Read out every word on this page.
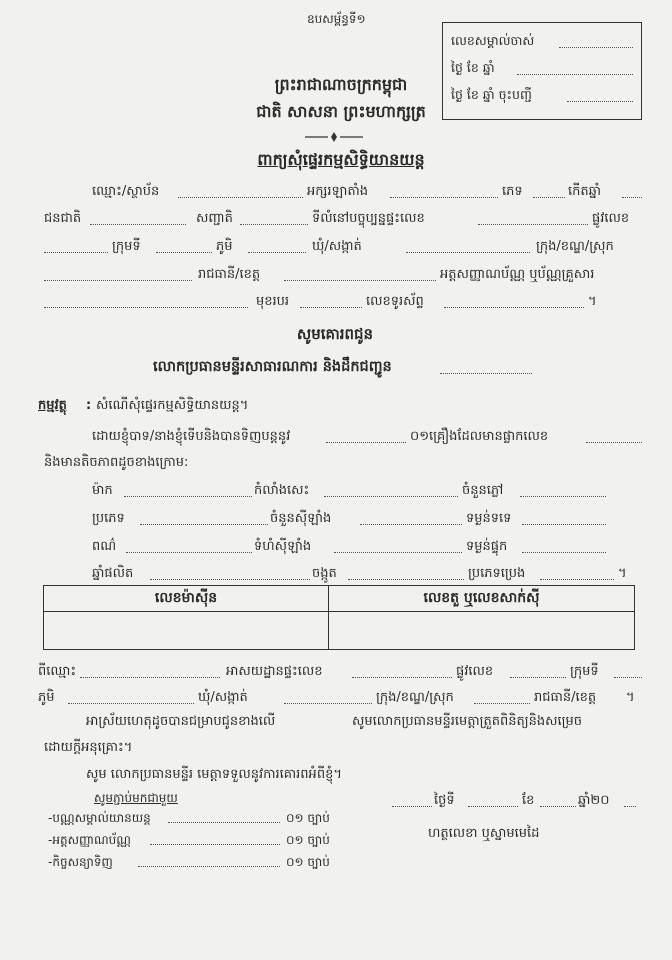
ឧបសម្ព័ន្ធទី១
លេខសម្គាល់ចាស់
ថ្ងៃ ខែ ឆ្នាំ
ថ្ងៃ ខែ ឆ្នាំ ចុះបញ្ជី
ព្រះរាជាណាចក្រកម្ពុជា
ជាតិ សាសនា ព្រះមហាក្សត្រ
ពាក្យសុំផ្ទេរកម្មសិទ្ធិយានយន្ត
ឈ្មោះ/ស្ថាប័ន	អក្សរឡាតាំង	ភេទ	កើតឆ្នាំ
ជនជាតិ	សញ្ជាតិ	ទីលំនៅបច្ចុប្បន្នផ្ទះលេខ	ផ្លូវលេខ
ក្រុមទី	ភូមិ	ឃុំ/សង្កាត់	ក្រុង/ខណ្ឌ/ស្រុក
រាជធានី/ខេត្ត	អត្តសញ្ញាណប័ណ្ណ ឬប័ណ្ណគ្រួសារ
មុខរបរ	លេខទូរស័ព្ទ	។
សូមគោរពជូន
លោកប្រធានមន្ទីរសាធារណការ និងដឹកជញ្ជូន
កម្មវត្ថុ : សំណើសុំផ្ទេរកម្មសិទ្ធិយានយន្ត។
ដោយខ្ញុំបាទ/នាងខ្ញុំទើបនិងបានទិញបន្តនូវ	០១គ្រឿងដែលមានផ្លាកលេខ
និងមានតិចភាពដូចខាងក្រោម:
ម៉ាក	កំលាំងសេះ	ចំនួនភ្លៅ
ប្រភេទ	ចំនួនស៊ីឡាំង	ទម្ងន់ទទេ
ពណ៌	ទំហំស៊ីឡាំង	ទម្ងន់ផ្ទុក
ឆ្នាំផលិត	ចង្កូត	ប្រភេទប្រេង	។
លេខម៉ាស៊ីន	លេខតួ ឬលេខសាក់ស៊ី

ពីឈ្មោះ	អាសយដ្ឋានផ្ទះលេខ	ផ្លូវលេខ	ក្រុមទី
ភូមិ	ឃុំ/សង្កាត់	ក្រុង/ខណ្ឌ/ស្រុក	រាជធានី/ខេត្ត ។
អាស្រ័យហេតុដូចបានជម្រាបជូនខាងលើ	សូមលោកប្រធានមន្ទីរមេត្តាត្រួតពិនិត្យនិងសម្រេច
ដោយក្ដីអនុគ្រោះ។
សូម លោកប្រធានមន្ទីរ មេត្តាទទួលនូវការគោរពអំពីខ្ញុំ។
សូមភ្ជាប់មកជាមួយ
-បណ្ណសម្គាល់យានយន្ត	០១ ច្បាប់
-អត្តសញ្ញាណប័ណ្ណ	០១ ច្បាប់
-កិច្ចសន្យាទិញ	០១ ច្បាប់
ថ្ងៃទី	ខែ	ឆ្នាំ២០
ហត្ថលេខា ឬស្នាមមេដៃ
